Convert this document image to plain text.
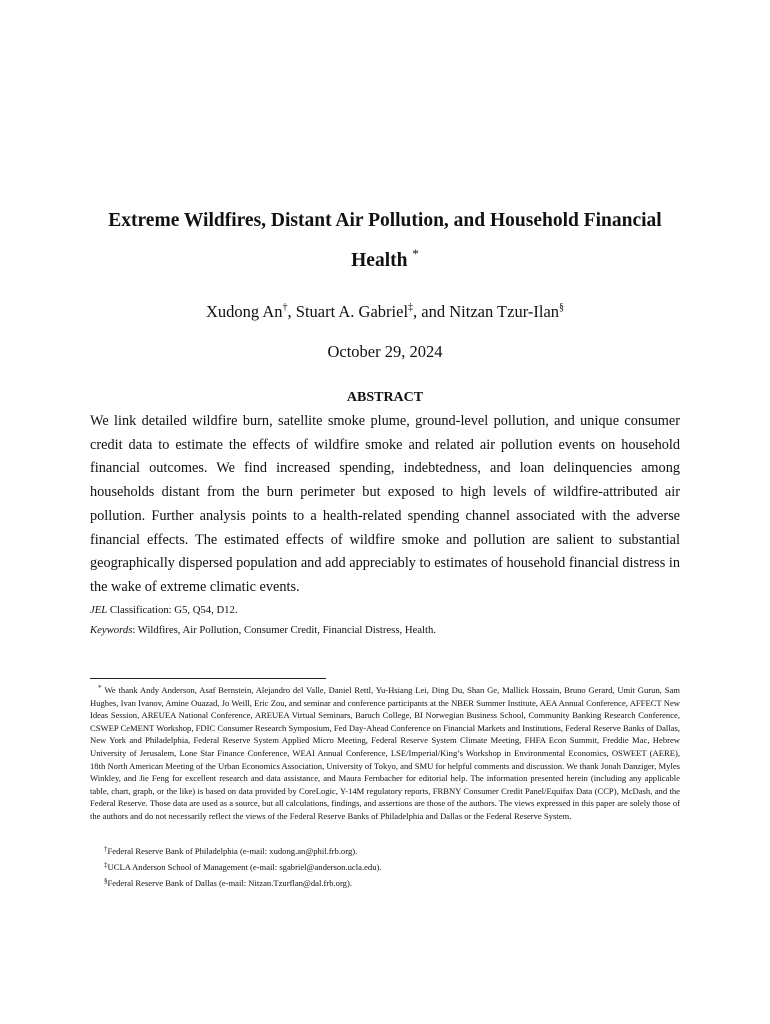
Extreme Wildfires, Distant Air Pollution, and Household Financial Health *
Xudong An†, Stuart A. Gabriel‡, and Nitzan Tzur-Ilan§
October 29, 2024
ABSTRACT

We link detailed wildfire burn, satellite smoke plume, ground-level pollution, and unique consumer credit data to estimate the effects of wildfire smoke and related air pollution events on household financial outcomes. We find increased spending, indebtedness, and loan delinquencies among households distant from the burn perimeter but exposed to high levels of wildfire-attributed air pollution. Further analysis points to a health-related spending channel associated with the adverse financial effects. The estimated effects of wildfire smoke and pollution are salient to substantial geographically dispersed population and add appreciably to estimates of household financial distress in the wake of extreme climatic events.

JEL Classification: G5, Q54, D12.
Keywords: Wildfires, Air Pollution, Consumer Credit, Financial Distress, Health.

* We thank Andy Anderson, Asaf Bernstein, Alejandro del Valle, Daniel Rettl, Yu-Hsiang Lei, Ding Du, Shan Ge, Mallick Hossain, Bruno Gerard, Umit Gurun, Sam Hughes, Ivan Ivanov, Amine Ouazad, Jo Weill, Eric Zou, and seminar and conference participants at the NBER Summer Institute, AEA Annual Conference, AFFECT New Ideas Session, AREUEA National Conference, AREUEA Virtual Seminars, Baruch College, BI Norwegian Business School, Community Banking Research Conference, CSWEP CeMENT Workshop, FDIC Consumer Research Symposium, Fed Day-Ahead Conference on Financial Markets and Institutions, Federal Reserve Banks of Dallas, New York and Philadelphia, Federal Reserve System Applied Micro Meeting, Federal Reserve System Climate Meeting, FHFA Econ Summit, Freddie Mac, Hebrew University of Jerusalem, Lone Star Finance Conference, WEAI Annual Conference, LSE/Imperial/King’s Workshop in Environmental Economics, OSWEET (AERE), 18th North American Meeting of the Urban Economics Association, University of Tokyo, and SMU for helpful comments and discussion. We thank Jonah Danziger, Myles Winkley, and Jie Feng for excellent research and data assistance, and Maura Fernbacher for editorial help. The information presented herein (including any applicable table, chart, graph, or the like) is based on data provided by CoreLogic, Y-14M regulatory reports, FRBNY Consumer Credit Panel/Equifax Data (CCP), McDash, and the Federal Reserve. Those data are used as a source, but all calculations, findings, and assertions are those of the authors. The views expressed in this paper are solely those of the authors and do not necessarily reflect the views of the Federal Reserve Banks of Philadelphia and Dallas or the Federal Reserve System.

†Federal Reserve Bank of Philadelphia (e-mail: xudong.an@phil.frb.org).
‡UCLA Anderson School of Management (e-mail: sgabriel@anderson.ucla.edu).
§Federal Reserve Bank of Dallas (e-mail: Nitzan.Tzurflan@dal.frb.org).
